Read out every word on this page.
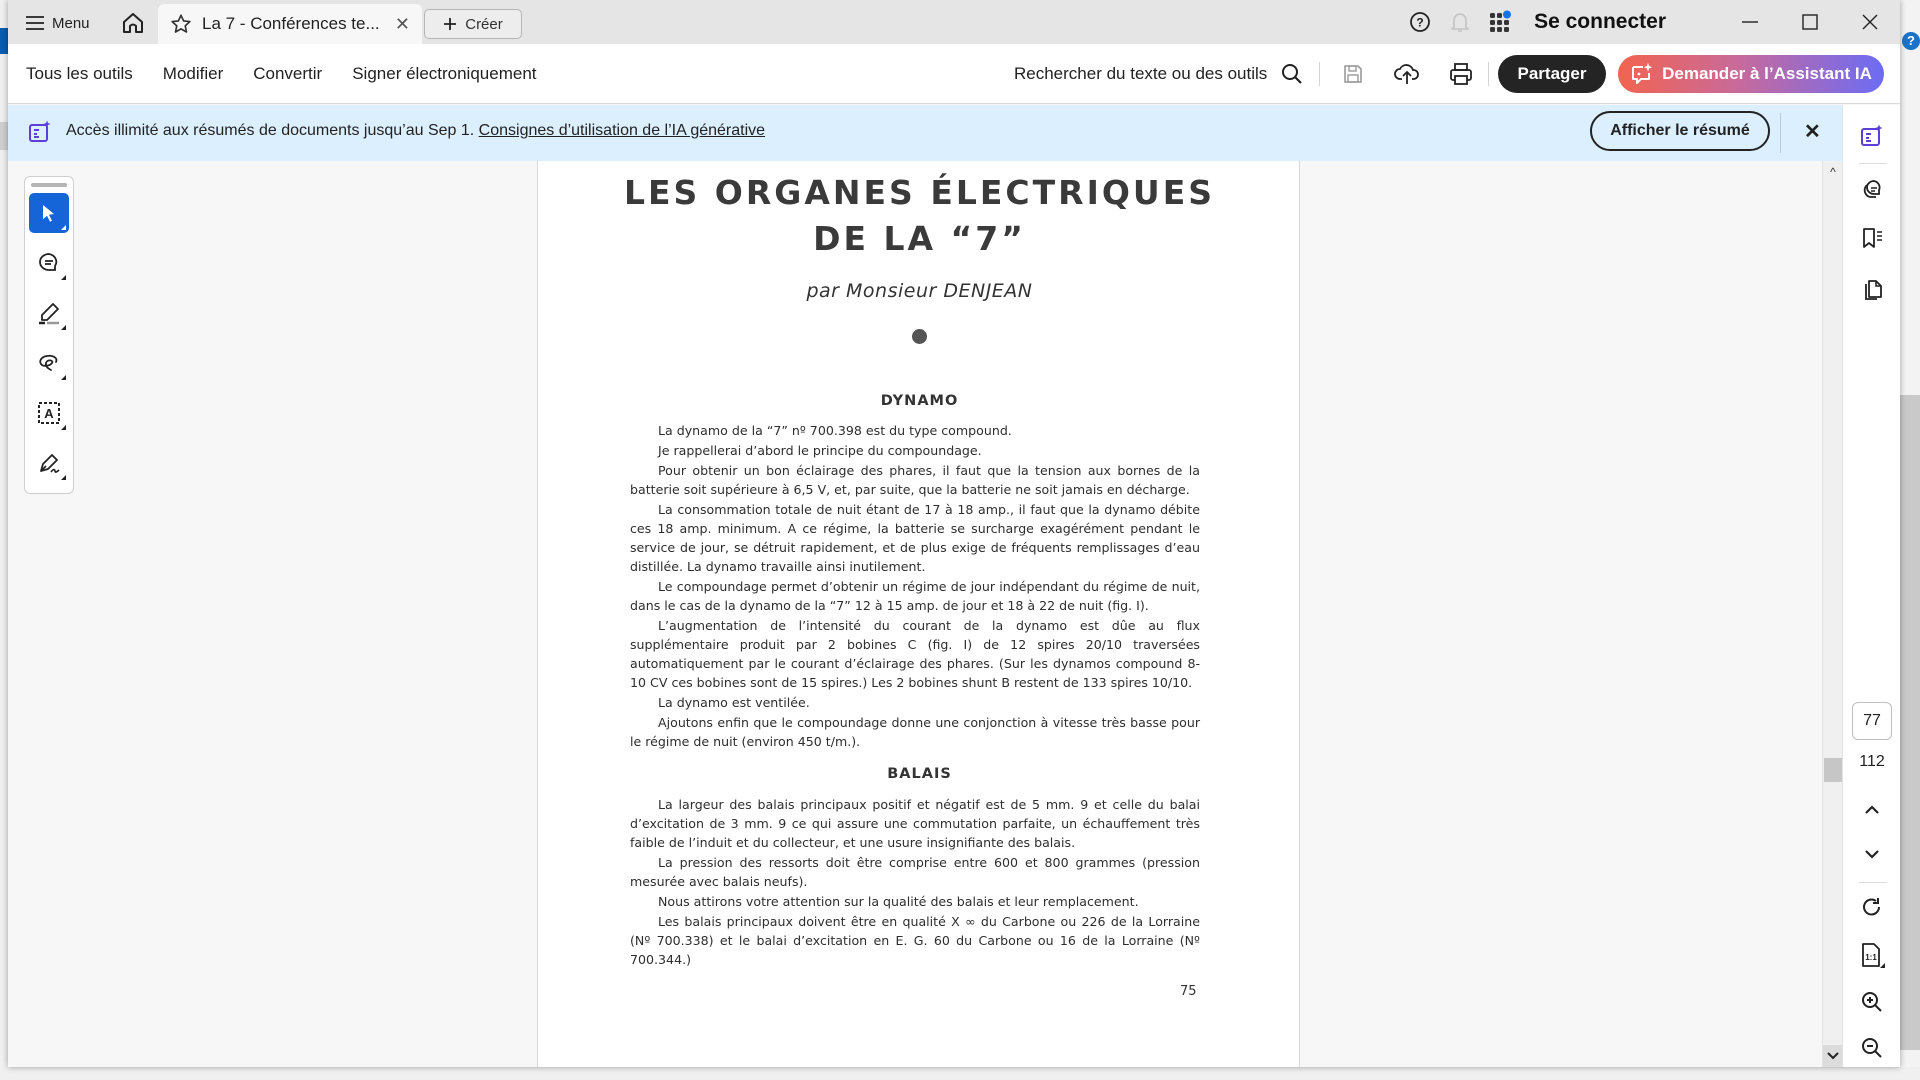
?
Menu	La 7 - Conférences te... ✕	Créer	?	Se connecter
Tous les outils Modifier Convertir Signer électroniquement	Rechercher du texte ou des outils	Partager	Demander à l’Assistant IA
Accès illimité aux résumés de documents jusqu’au Sep 1. Consignes d’utilisation de l’IA générative	Afficher le résumé	✕
A
LES ORGANES ÉLECTRIQUES
DE LA “7”
par Monsieur DENJEAN
DYNAMO

La dynamo de la “7” nº 700.398 est du type compound.

Je rappellerai d’abord le principe du compoundage.

Pour obtenir un bon éclairage des phares, il faut que la tension aux bornes de la batterie soit supérieure à 6,5 V, et, par suite, que la batterie ne soit jamais en décharge.

La consommation totale de nuit étant de 17 à 18 amp., il faut que la dynamo débite ces 18 amp. minimum. A ce régime, la batterie se surcharge exagérément pendant le service de jour, se détruit rapidement, et de plus exige de fréquents remplissages d’eau distillée. La dynamo travaille ainsi inutilement.

Le compoundage permet d’obtenir un régime de jour indépendant du régime de nuit, dans le cas de la dynamo de la “7” 12 à 15 amp. de jour et 18 à 22 de nuit (fig. I).

L’augmentation de l’intensité du courant de la dynamo est dûe au flux supplémentaire produit par 2 bobines C (fig. I) de 12 spires 20/10 traversées automatiquement par le courant d’éclairage des phares. (Sur les dynamos compound 8-10 CV ces bobines sont de 15 spires.) Les 2 bobines shunt B restent de 133 spires 10/10.

La dynamo est ventilée.

Ajoutons enfin que le compoundage donne une conjonction à vitesse très basse pour le régime de nuit (environ 450 t/m.).

BALAIS

La largeur des balais principaux positif et négatif est de 5 mm. 9 et celle du balai d’excitation de 3 mm. 9 ce qui assure une commutation parfaite, un échauffement très faible de l’induit et du collecteur, et une usure insignifiante des balais.

La pression des ressorts doit être comprise entre 600 et 800 grammes (pression mesurée avec balais neufs).

Nous attirons votre attention sur la qualité des balais et leur remplacement.

Les balais principaux doivent être en qualité X ∞ du Carbone ou 226 de la Lorraine (Nº 700.338) et le balai d’excitation en E. G. 60 du Carbone ou 16 de la Lorraine (Nº 700.344.)

75
^
77
112
1:1
